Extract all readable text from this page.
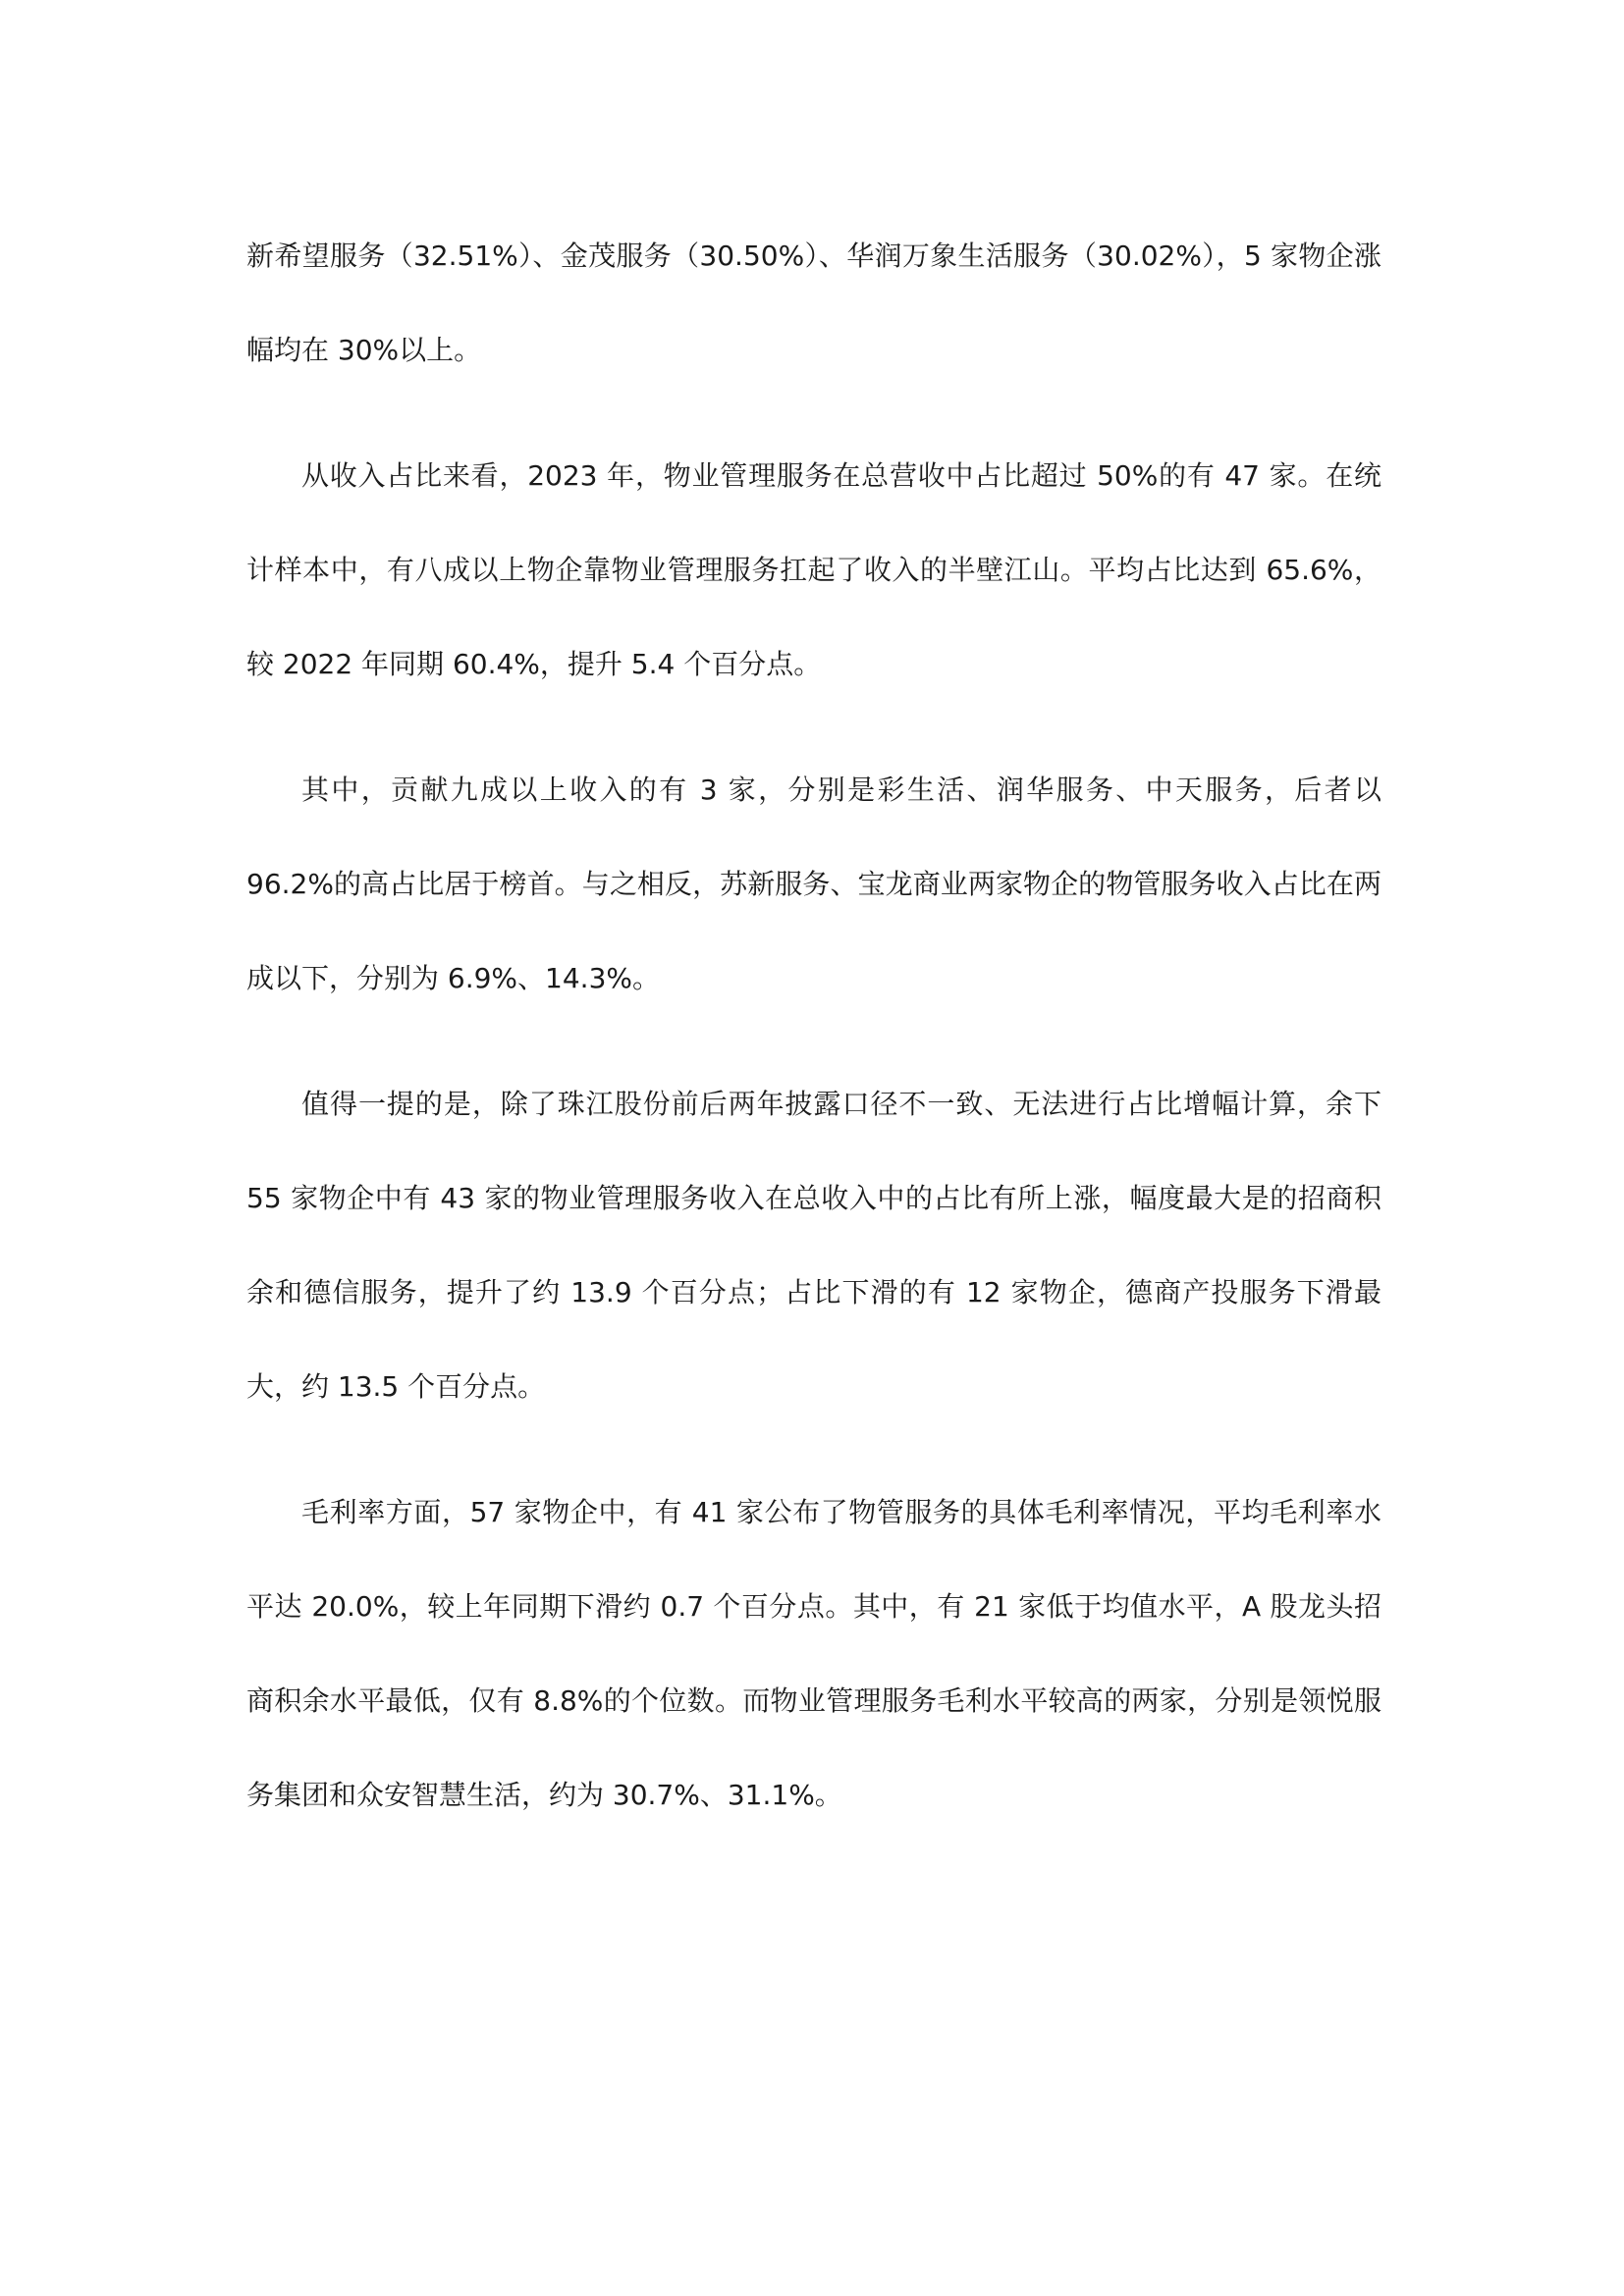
新希望服务（32.51%）、金茂服务（30.50%）、华润万象生活服务（30.02%），5 家物企涨幅均在 30%以上。

从收入占比来看，2023 年，物业管理服务在总营收中占比超过 50%的有 47 家。在统计样本中，有八成以上物企靠物业管理服务扛起了收入的半壁江山。平均占比达到 65.6%，较 2022 年同期 60.4%，提升 5.4 个百分点。

其中，贡献九成以上收入的有 3 家，分别是彩生活、润华服务、中天服务，后者以 96.2%的高占比居于榜首。与之相反，苏新服务、宝龙商业两家物企的物管服务收入占比在两成以下，分别为 6.9%、14.3%。

值得一提的是，除了珠江股份前后两年披露口径不一致、无法进行占比增幅计算，余下 55 家物企中有 43 家的物业管理服务收入在总收入中的占比有所上涨，幅度最大是的招商积余和德信服务，提升了约 13.9 个百分点；占比下滑的有 12 家物企，德商产投服务下滑最大，约 13.5 个百分点。

毛利率方面，57 家物企中，有 41 家公布了物管服务的具体毛利率情况，平均毛利率水平达 20.0%，较上年同期下滑约 0.7 个百分点。其中，有 21 家低于均值水平，A 股龙头招商积余水平最低，仅有 8.8%的个位数。而物业管理服务毛利水平较高的两家，分别是领悦服务集团和众安智慧生活，约为 30.7%、31.1%。
